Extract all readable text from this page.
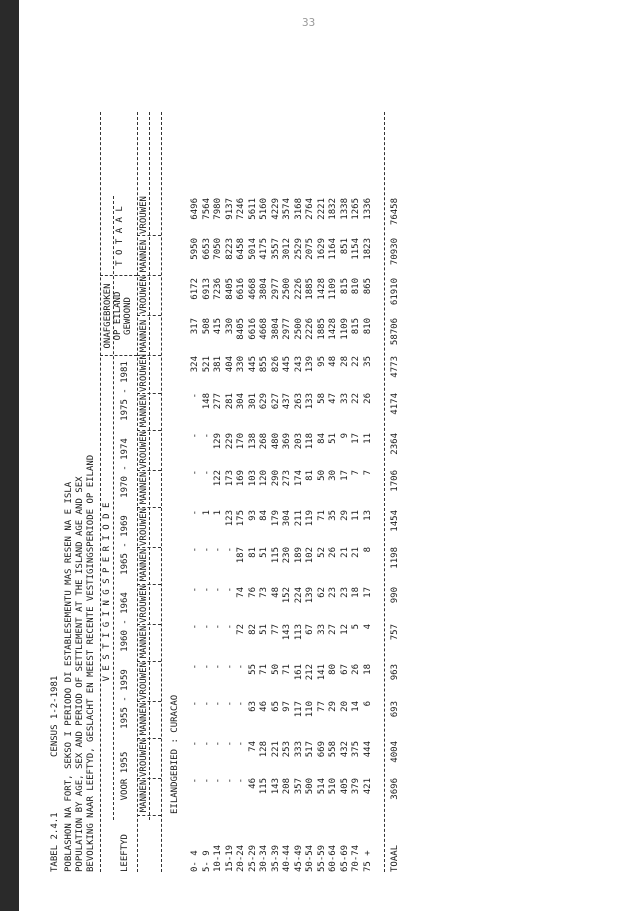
33
TABEL 2.4.1
CENSUS 1-2-1981 POBLASHON NA FORT, SEKSO I PERIODO DI ESTABLESEMENTU MAS RESEN NA E ISLA POPULATION BY AGE, SEX AND PERIOD OF SETTLEMENT AT THE ISLAND AGE AND SEX BEVOLKING NAAR LEEFTYD, GESLACHT EN MEEST RECENTE VESTIGINGSPERIODE OP EILAND	LEEFTYD
V E S T I G I N G S P E R I O D E
VOOR 1955
1955 - 1959
1960 - 1964
1965 - 1969
1970 - 1974
1975 - 1981
ONAFGEBROKEN OP EILAND GEWOOND
T O T A A L
MANNEN
VROUWEN
MANNEN
VROUWEN
MANNEN
VROUWEN
MANNEN
VROUWEN
MANNEN
VROUWEN
MANNEN
VROUWEN
MANNEN
VROUWEN
MANNEN
VROUWEN
EILANDGEBIED : CURACAO
0- 4
-
-
-
-
-
-
-
-
-
-
-
324
317
6172
5950
6496
5- 9
-
-
-
-
-
-
-
1
-
-
148
521
508
6913
6653
7564
10-14
-
-
-
-
-
-
-
1
122
129
277
381
415
7236
7050
7980
15-19
-
-
-
-
-
-
-
123
173
229
281
404
330
8405
8223
9137
20-24
-
-
-
-
72
74
187
175
169
170
304
330
8405
6616
6458
7246
25-29
46
74
63
55
82
76
81
93
103
138
301
445
6616
4668
5014
5611
30-34
115
128
46
71
51
73
51
84
120
268
629
855
4668
3804
4175
5160
35-39
143
221
65
50
77
48
115
179
290
480
627
826
3804
2977
3557
4229
40-44
208
253
97
71
143
152
230
304
273
369
437
445
2977
2500
3012
3574
45-49
357
333
117
161
113
224
189
211
174
203
263
243
2500
2226
2529
3168
50-54
500
517
110
212
67
139
102
119
81
118
133
139
2226
1885
2075
2764
55-59
514
669
77
141
33
62
52
71
50
84
58
95
1885
1428
1629
2221
60-64
510
558
29
80
27
23
26
35
30
51
47
48
1428
1109
1164
1832
65-69
405
432
20
67
12
23
21
29
17
9
33
28
1109
815
851
1338
70-74
379
375
14
26
5
18
21
11
7
17
22
22
815
810
1154
1265
75 +
421
444
6
18
4
17
8
13
7
11
26
35
810
865
1823
1336
TOAAL
3696
4004
693
963
757
990
1198
1454
1706
2364
4174
4773
58706
61910
70930
76458
